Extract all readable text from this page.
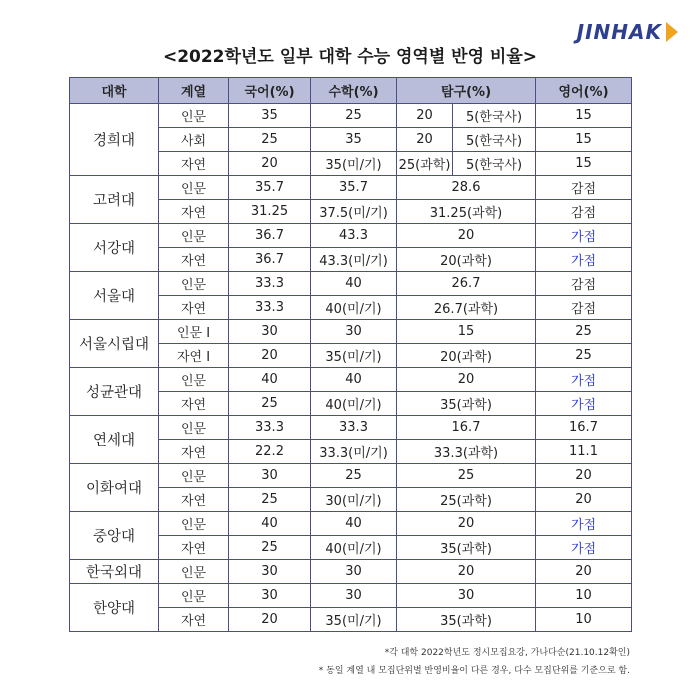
JINHAK
<2022학년도 일부 대학 수능 영역별 반영 비율>
대학	계열	국어(%)	수학(%)	탐구(%)		영어(%)
경희대	인문	35	25	20	5(한국사)	15
	사회	25	35	20	5(한국사)	15
	자연	20	35(미/기)	25(과학)	5(한국사)	15
고려대	인문	35.7	35.7	28.6		감점
	자연	31.25	37.5(미/기)	31.25(과학)		감점
서강대	인문	36.7	43.3	20		가점
	자연	36.7	43.3(미/기)	20(과학)		가점
서울대	인문	33.3	40	26.7		감점
	자연	33.3	40(미/기)	26.7(과학)		감점
서울시립대	인문 I	30	30	15		25
	자연 I	20	35(미/기)	20(과학)		25
성균관대	인문	40	40	20		가점
	자연	25	40(미/기)	35(과학)		가점
연세대	인문	33.3	33.3	16.7		16.7
	자연	22.2	33.3(미/기)	33.3(과학)		11.1
이화여대	인문	30	25	25		20
	자연	25	30(미/기)	25(과학)		20
중앙대	인문	40	40	20		가점
	자연	25	40(미/기)	35(과학)		가점
한국외대	인문	30	30	20		20
한양대	인문	30	30	30		10
	자연	20	35(미/기)	35(과학)		10
*각 대학 2022학년도 정시모집요강, 가나다순(21.10.12확인)
* 동일 계열 내 모집단위별 반영비율이 다른 경우, 다수 모집단위를 기준으로 함.
